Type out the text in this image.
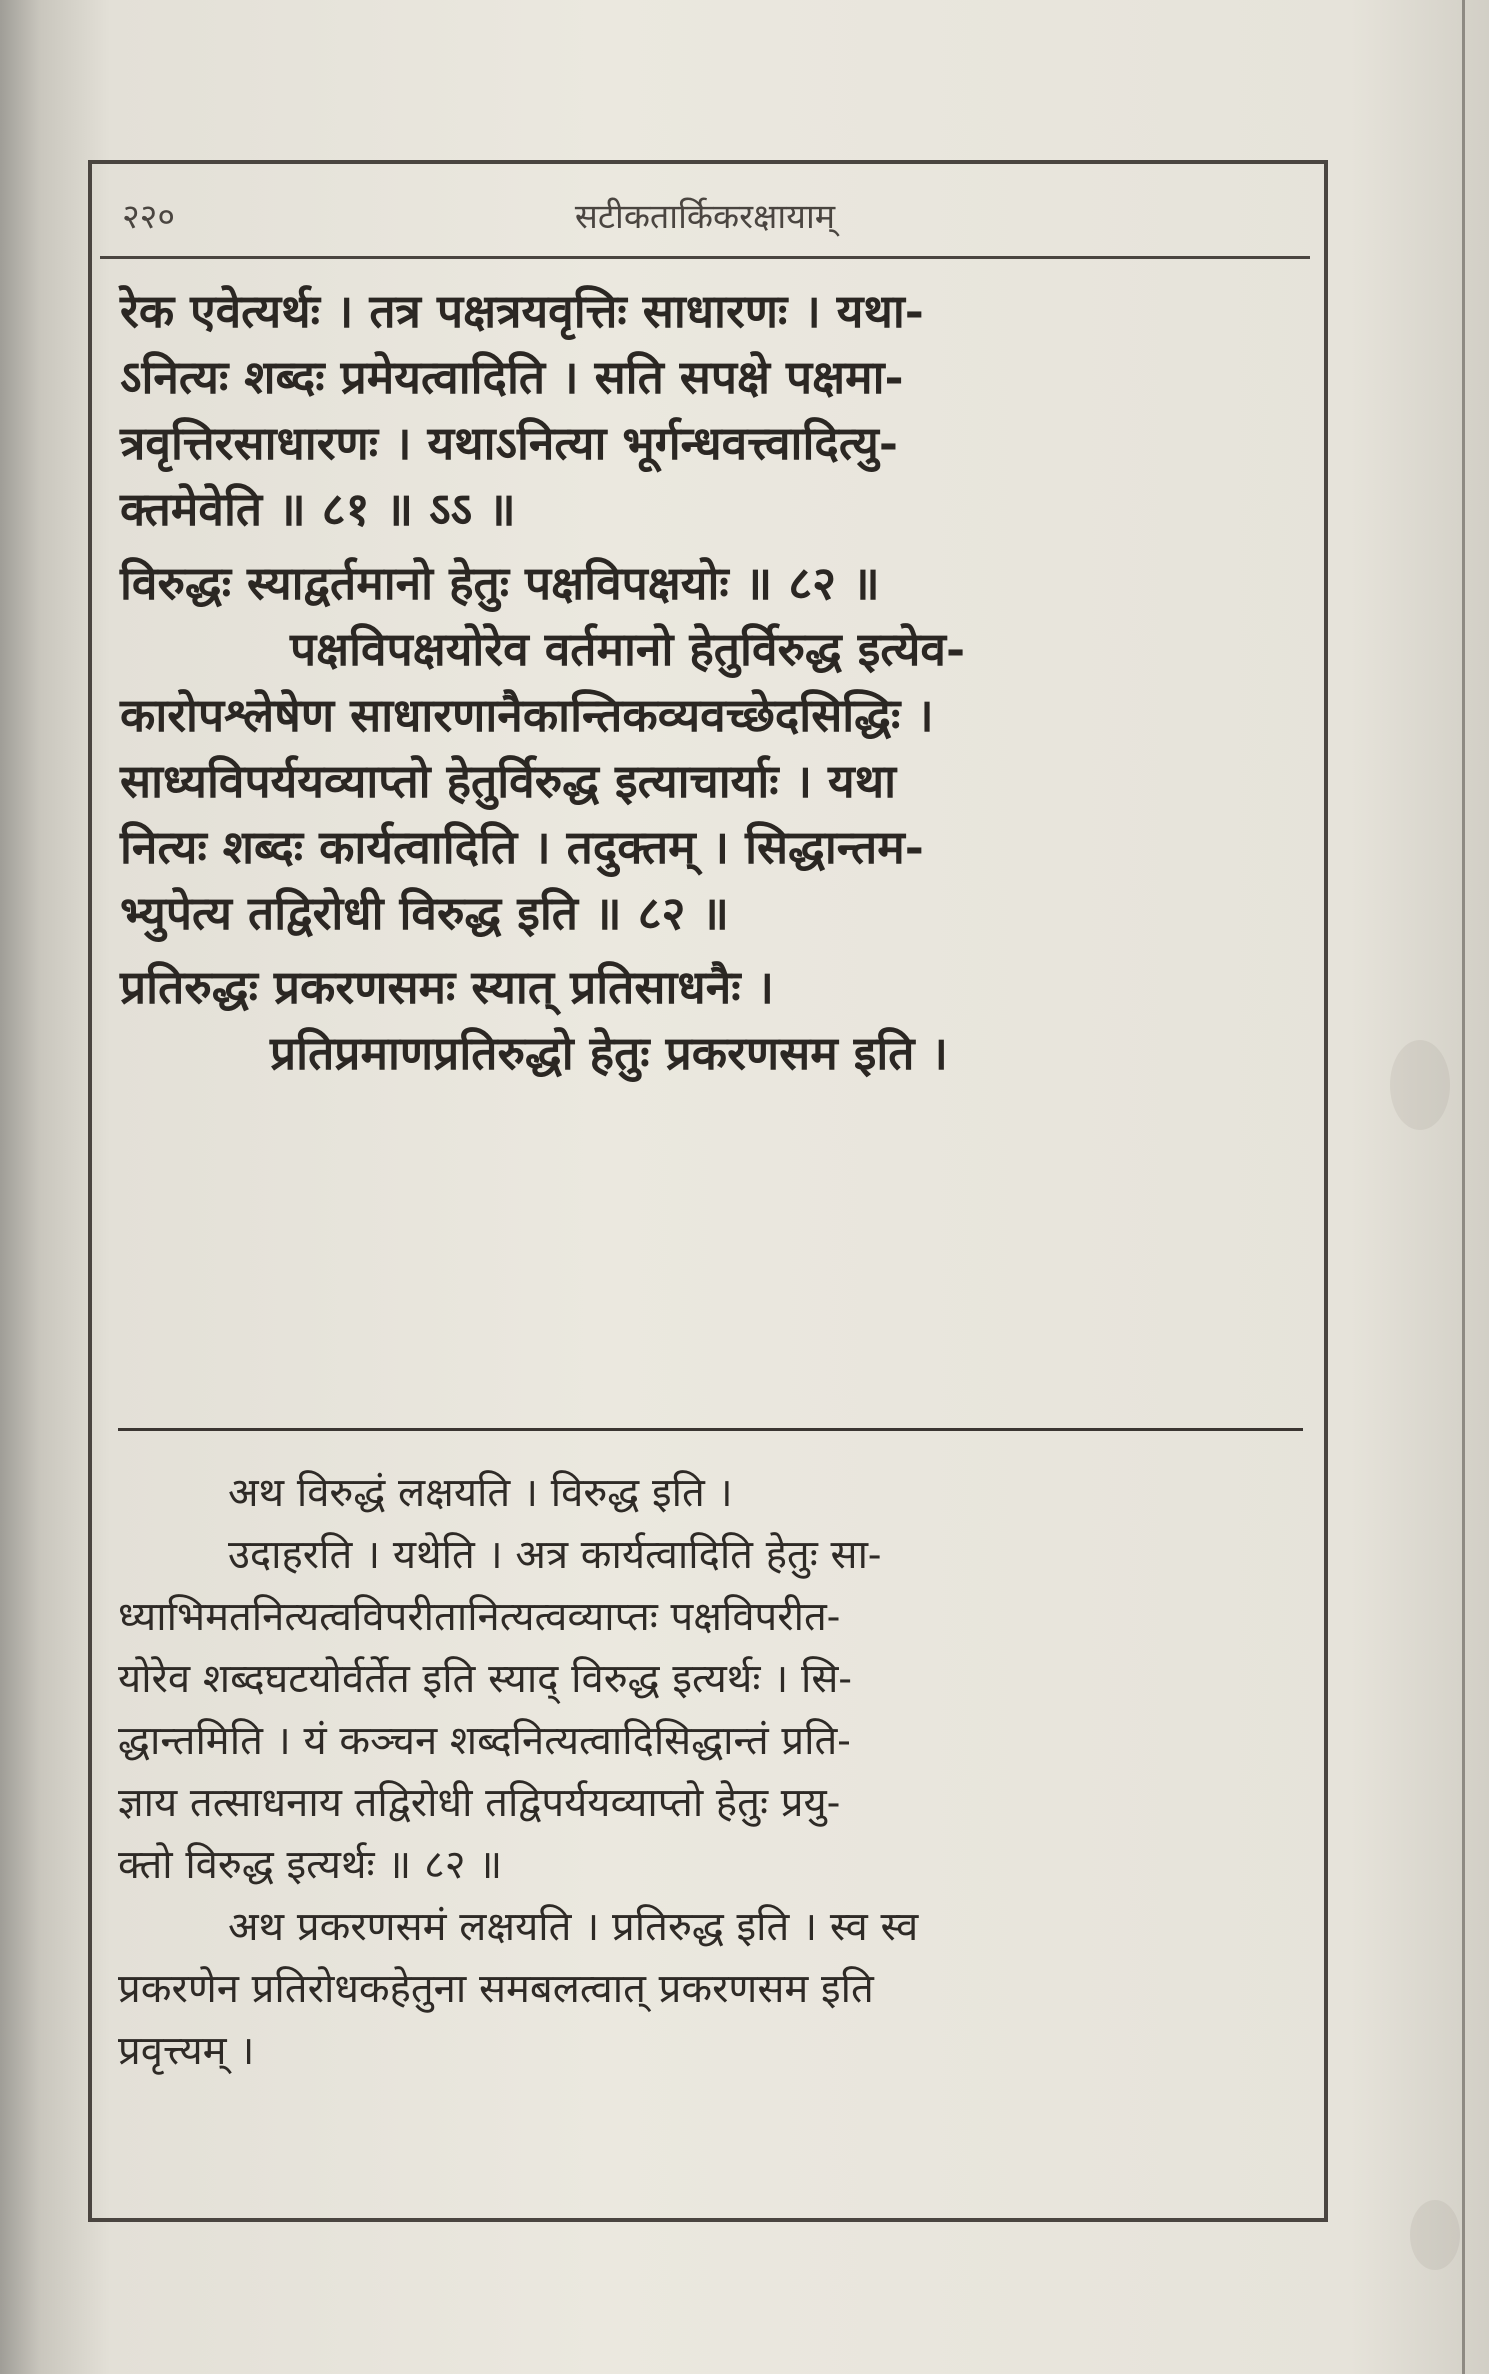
२२०	सटीकतार्किकरक्षायाम्

रेक एवेत्यर्थः । तत्र पक्षत्रयवृत्तिः साधारणः । यथा-

ऽनित्यः शब्दः प्रमेयत्वादिति । सति सपक्षे पक्षमा-

त्रवृत्तिरसाधारणः । यथाऽनित्या भूर्गन्धवत्त्वादित्यु-

क्तमेवेति ॥ ८१ ॥ ऽऽ ॥

विरुद्धः स्याद्वर्तमानो हेतुः पक्षविपक्षयोः ॥ ८२ ॥

पक्षविपक्षयोरेव वर्तमानो हेतुर्विरुद्ध इत्येव-

कारोपश्लेषेण साधारणानैकान्तिकव्यवच्छेदसिद्धिः ।

साध्यविपर्ययव्याप्तो हेतुर्विरुद्ध इत्याचार्याः । यथा

नित्यः शब्दः कार्यत्वादिति । तदुक्तम् । सिद्धान्तम-

भ्युपेत्य तद्विरोधी विरुद्ध इति ॥ ८२ ॥

प्रतिरुद्धः प्रकरणसमः स्यात् प्रतिसाधनैः ।

प्रतिप्रमाणप्रतिरुद्धो हेतुः प्रकरणसम इति ।

अथ विरुद्धं लक्षयति । विरुद्ध इति ।

उदाहरति । यथेति । अत्र कार्यत्वादिति हेतुः सा-

ध्याभिमतनित्यत्वविपरीतानित्यत्वव्याप्तः पक्षविपरीत-

योरेव शब्दघटयोर्वर्तेत इति स्याद् विरुद्ध इत्यर्थः । सि-

द्धान्तमिति । यं कञ्चन शब्दनित्यत्वादिसिद्धान्तं प्रति-

ज्ञाय तत्साधनाय तद्विरोधी तद्विपर्ययव्याप्तो हेतुः प्रयु-

क्तो विरुद्ध इत्यर्थः ॥ ८२ ॥

अथ प्रकरणसमं लक्षयति । प्रतिरुद्ध इति । स्व स्व

प्रकरणेन प्रतिरोधकहेतुना समबलत्वात् प्रकरणसम इति

प्रवृत्त्यम् ।
